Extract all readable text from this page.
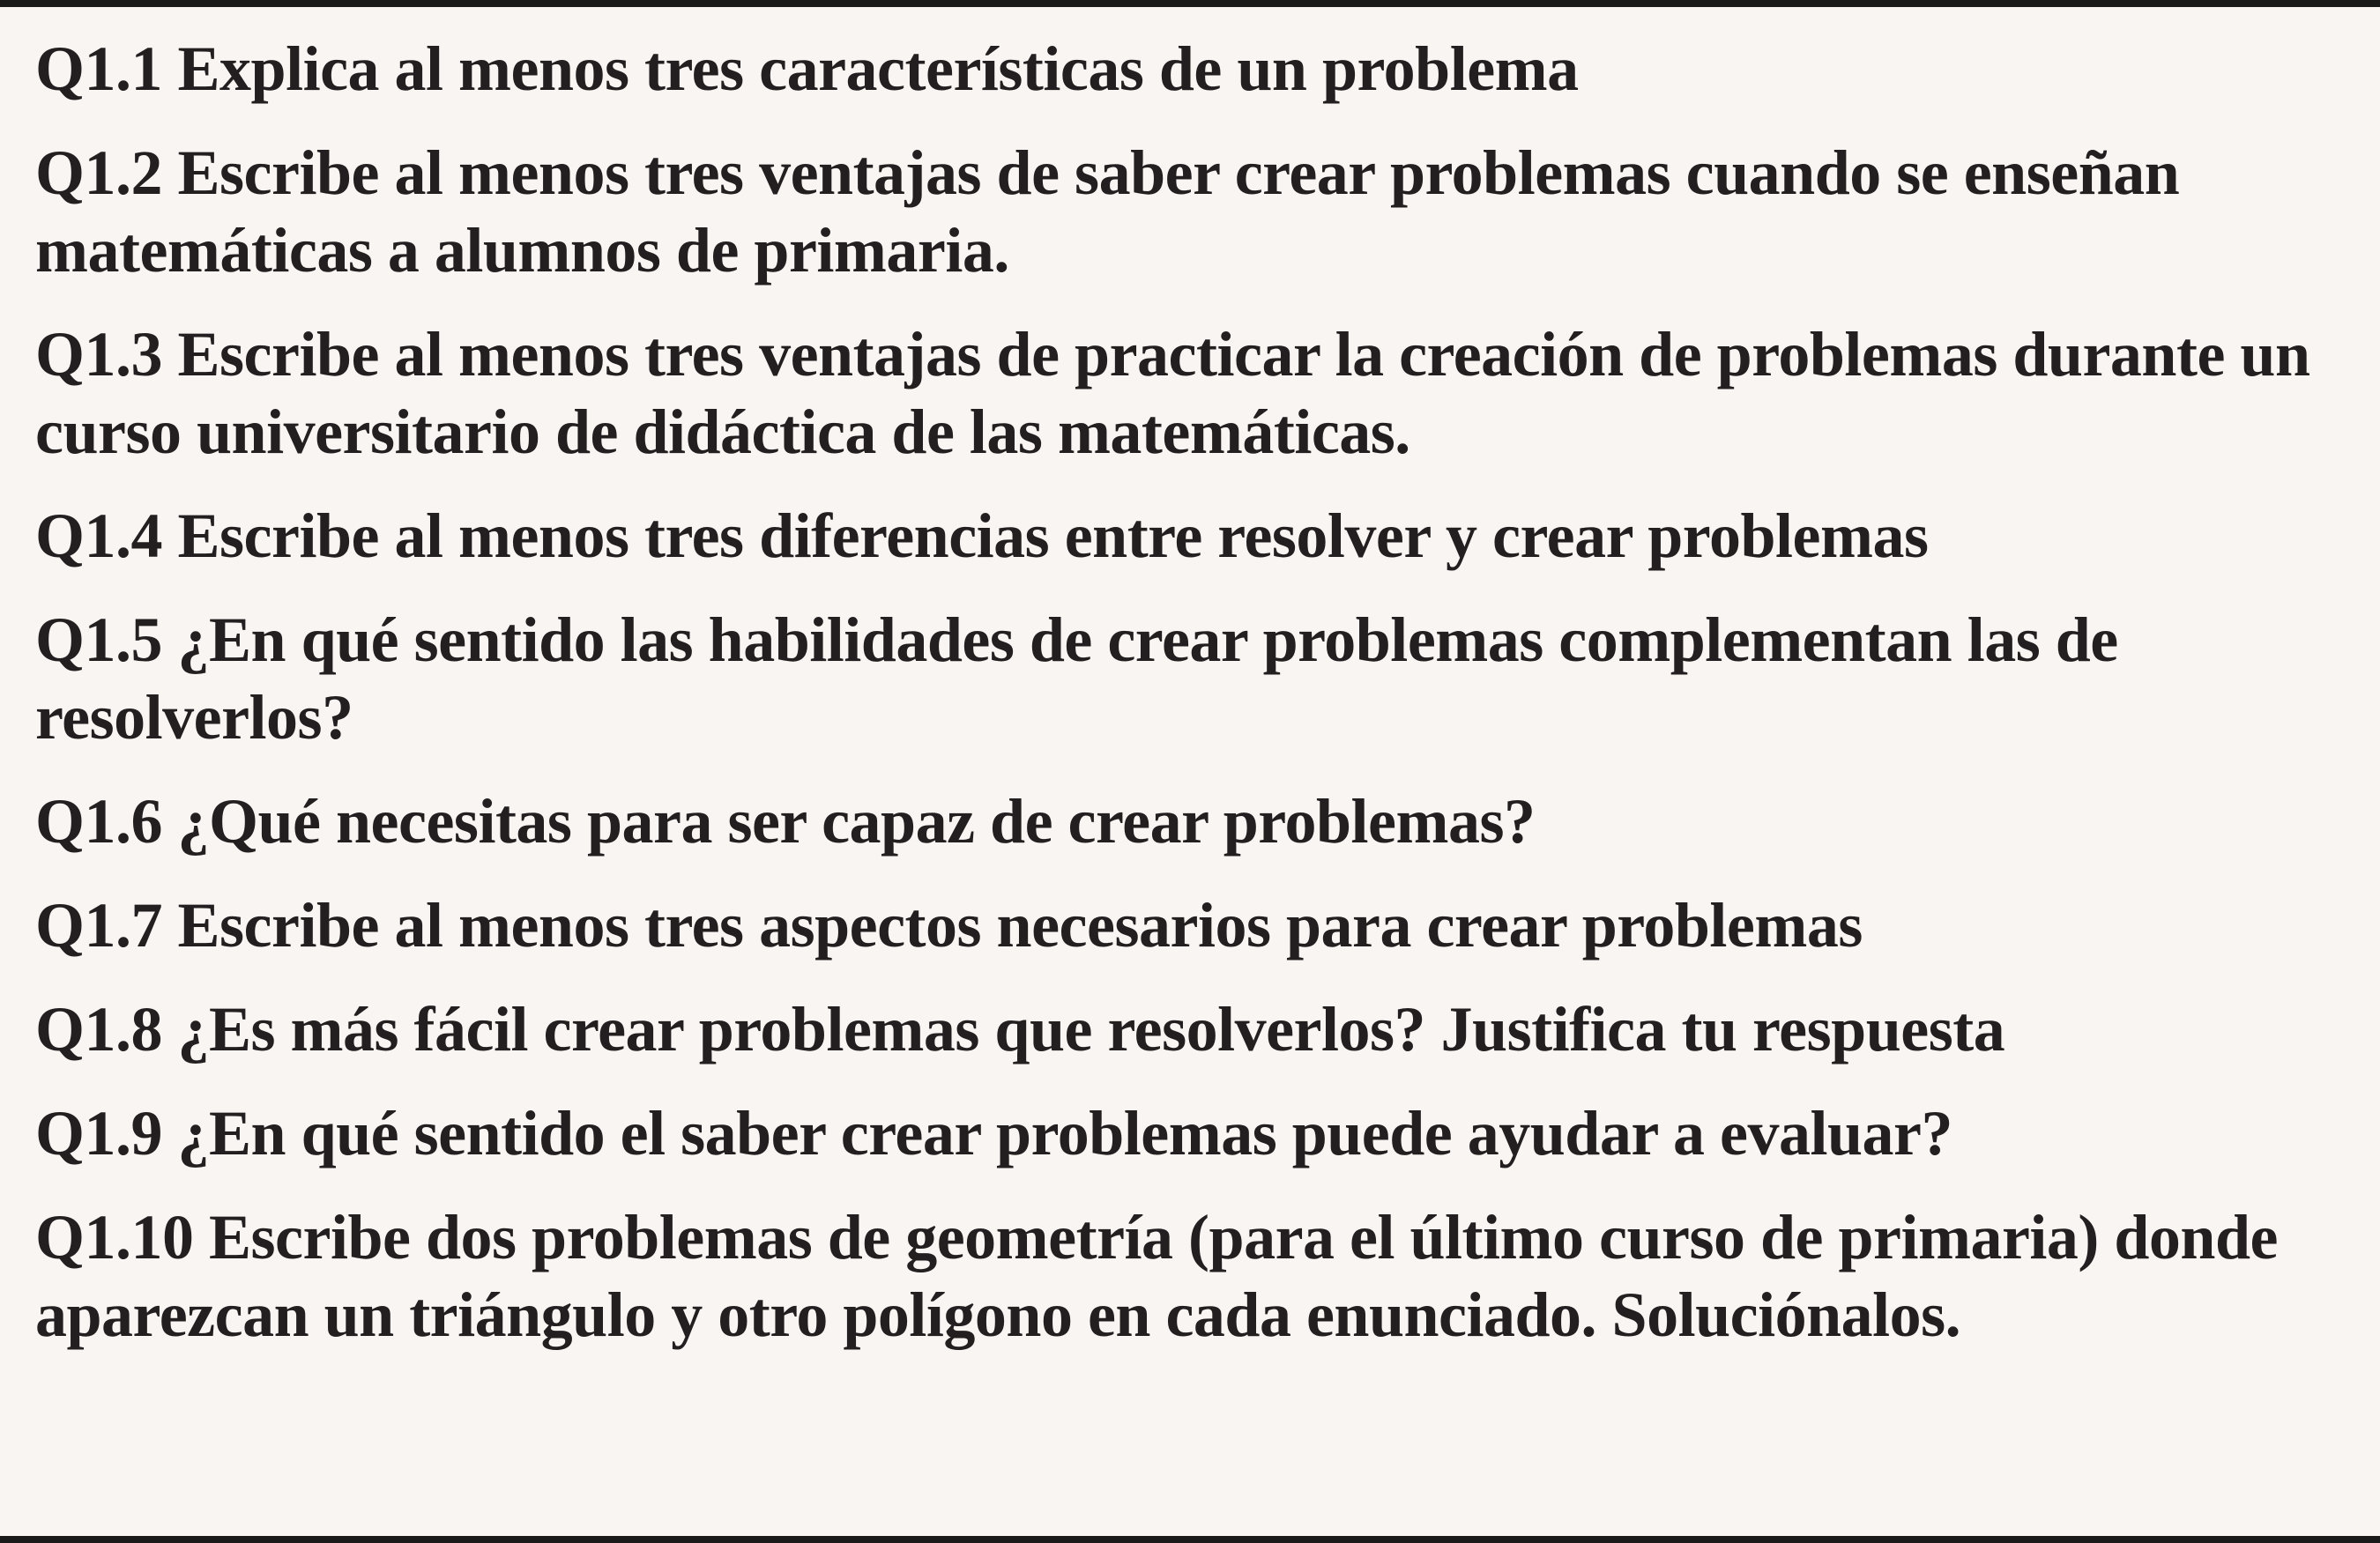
Q1.1 Explica al menos tres características de un problema

Q1.2 Escribe al menos tres ventajas de saber crear problemas cuando se enseñan matemáticas a alumnos de primaria.

Q1.3 Escribe al menos tres ventajas de practicar la creación de problemas durante un curso universitario de didáctica de las matemáticas.

Q1.4 Escribe al menos tres diferencias entre resolver y crear problemas

Q1.5 ¿En qué sentido las habilidades de crear problemas complementan las de resolverlos?

Q1.6 ¿Qué necesitas para ser capaz de crear problemas?

Q1.7 Escribe al menos tres aspectos necesarios para crear problemas

Q1.8 ¿Es más fácil crear problemas que resolverlos? Justifica tu respuesta

Q1.9 ¿En qué sentido el saber crear problemas puede ayudar a evaluar?

Q1.10 Escribe dos problemas de geometría (para el último curso de primaria) donde aparezcan un triángulo y otro polígono en cada enunciado. Soluciónalos.
